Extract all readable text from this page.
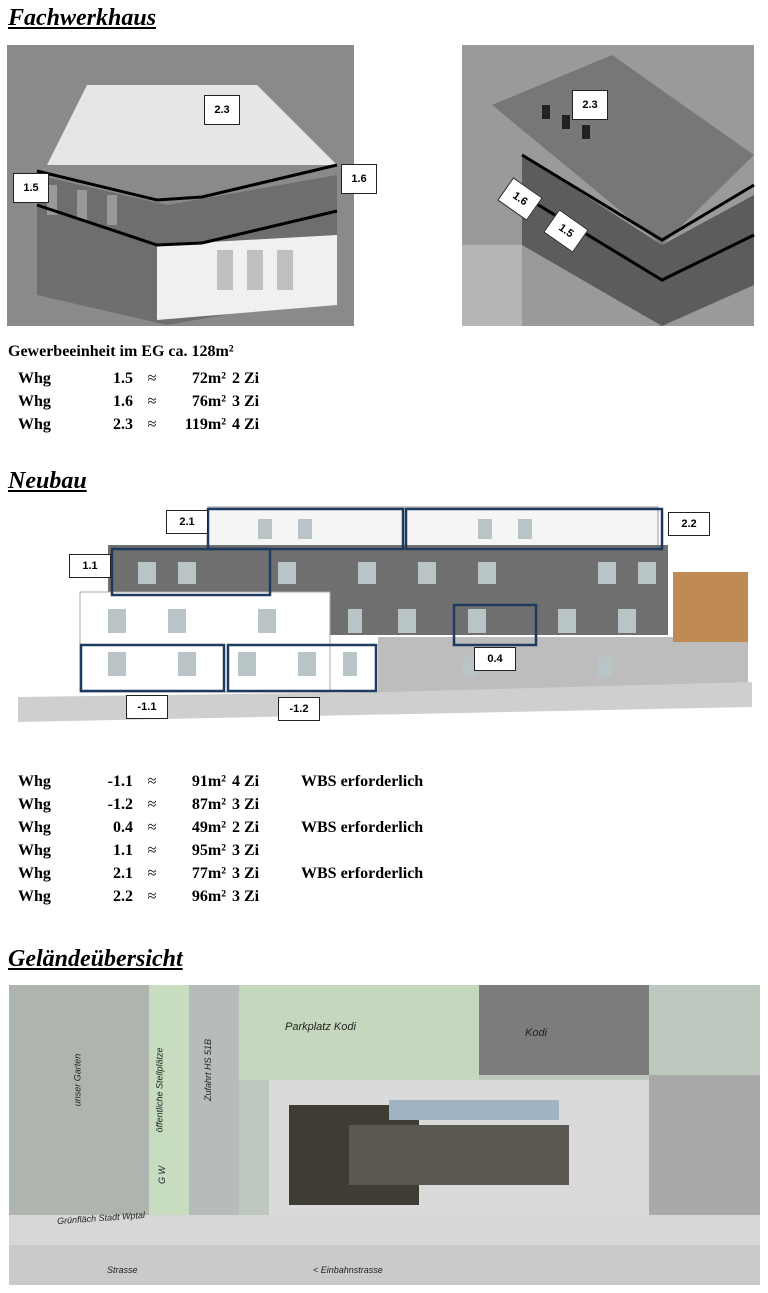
Fachwerkhaus
2.3
1.5
1.6
2.3
1.6
1.5
Gewerbeeinheit im EG ca. 128m²
Whg	1.5 ≈	72m² 2 Zi
Whg	1.6 ≈	76m² 3 Zi
Whg	2.3 ≈	119m² 4 Zi
Neubau
2.1	2.2
1.1
0.4
-1.1	-1.2
Whg	-1.1 ≈	91m² 4 Zi	WBS erforderlich
Whg	-1.2 ≈	87m² 3 Zi
Whg	0.4 ≈	49m² 2 Zi	WBS erforderlich
Whg	1.1 ≈	95m² 3 Zi
Whg	2.1 ≈	77m² 3 Zi	WBS erforderlich
Whg	2.2 ≈	96m² 3 Zi
Geländeübersicht
Parkplatz Kodi	Kodi
unser Garten
G W
öffentliche Stellplätze	Zufahrt HS 51B
Grünfläch Stadt Wptal
Strasse	< Einbahnstrasse
